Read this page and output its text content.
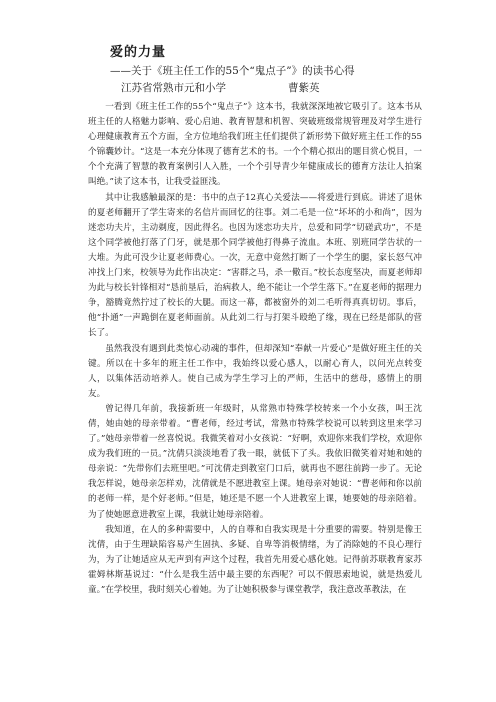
爱的力量
——关于《班主任工作的55个“鬼点子”》的读书心得
江苏省常熟市元和小学	曹紫英

一看到《班主任工作的55个“鬼点子”》这本书，我就深深地被它吸引了。这本书从班主任的人格魅力影响、爱心启迪、教育智慧和机智、突破班级常规管理及对学生进行心理健康教育五个方面，全方位地给我们班主任们提供了新形势下做好班主任工作的55个锦囊妙计。“这是一本充分体现了德育艺术的书。一个个精心拟出的题目赏心悦目，一个个充满了智慧的教育案例引人入胜，一个个引导青少年健康成长的德育方法让人拍案叫绝。”读了这本书，让我受益匪浅。

其中让我感触最深的是：书中的点子12真心关爱法——将爱进行到底。讲述了退休的夏老师翻开了学生寄来的名信片而回忆的往事。刘二毛是一位“坏坏的小和尚”，因为迷恋功夫片，主动剃度，因此得名。也因为迷恋功夫片，总爱和同学“切磋武功”，不是这个同学被他打落了门牙，就是那个同学被他打得鼻子流血。本班、别班同学告状的一大堆。为此可没少让夏老师费心。一次，无意中竟然打断了一个学生的腿，家长怒气冲冲找上门来，校领导为此作出决定：“害群之马，杀一儆百。”校长态度坚决，而夏老师却为此与校长针锋相对“恳前垦后，治病救人，绝不能让一个学生落下。”在夏老师的据理力争，豁腾竟然拧过了校长的大腿。而这一幕，都被窗外的刘二毛听得真真切切。事后，他“扑通”一声跪倒在夏老师面前。从此刘二行与打架斗殴绝了缘，现在已经是部队的营长了。

虽然我没有遇到此类惊心动魂的事件，但却深知“奉献一片爱心”是做好班主任的关键。所以在十多年的班主任工作中，我始终以爱心感人，以耐心育人，以问光点转变人，以集体活动培养人。使自己成为学生学习上的严师，生活中的慈母，感情上的朋友。

曾记得几年前，我接新班一年级时，从常熟市特殊学校转来一个小女孩，叫王沈倩，她由她的母亲带着。“曹老师，经过考试，常熟市特殊学校说可以转到这里来学习了。”她母亲带着一丝喜悦说。我微笑着对小女孩说：“好啊，欢迎你来我们学校，欢迎你成为我们班的一员。”沈倩只淡淡地看了我一眼，就低下了头。我依旧微笑着对她和她的母亲说：“先带你们去班里吧。”可沈倩走到教室门口后，就再也不愿往前跨一步了。无论我怎样说，她母亲怎样劝，沈倩就是不愿进教室上课。她母亲对她说：“曹老师和你以前的老师一样，是个好老师。”但是，她还是不愿一个人进教室上课，她要她的母亲陪着。为了使她愿意进教室上课，我就让她母亲陪着。

我知道，在人的多种需要中，人的自尊和自我实现是十分重要的需要。特别是像王沈倩，由于生理缺陷容易产生固执、多疑、自卑等消极情绪，为了消除她的不良心理行为，为了让她适应从无声到有声这个过程，我首先用爱心感化她。记得前苏联教育家苏霍姆林斯基说过：“什么是我生活中最主要的东西呢？可以不假思索地说，就是热爱儿童。”在学校里，我时刻关心着她。为了让她积极参与课堂教学，我注意改革教法，在
